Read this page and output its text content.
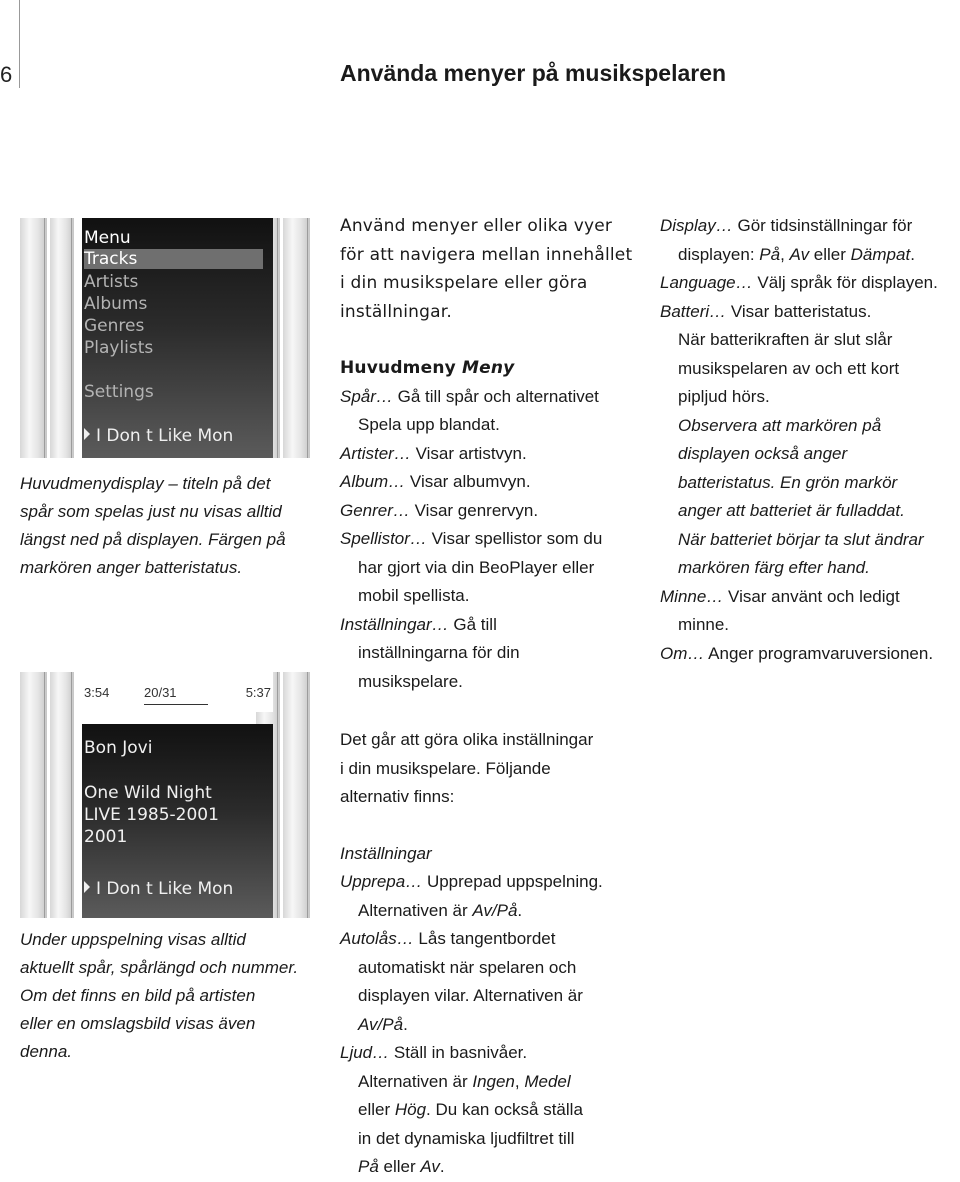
6	Använda menyer på musikspelaren
Menu
Tracks
Artists
Albums
Genres
Playlists
Settings
I Don t Like Mon
Huvudmenydisplay – titeln på det
spår som spelas just nu visas alltid
längst ned på displayen. Färgen på
markören anger batteristatus.
3:54	20/31	5:37
Bon Jovi
One Wild Night
LIVE 1985-2001
2001
I Don t Like Mon
Under uppspelning visas alltid
aktuellt spår, spårlängd och nummer.
Om det finns en bild på artisten
eller en omslagsbild visas även
denna.

Använd menyer eller olika vyer

för att navigera mellan innehållet

i din musikspelare eller göra

inställningar.

Huvudmeny Meny

Spår… Gå till spår och alternativet

Spela upp blandat.

Artister… Visar artistvyn.

Album… Visar albumvyn.

Genrer… Visar genrervyn.

Spellistor… Visar spellistor som du

har gjort via din BeoPlayer eller

mobil spellista.

Inställningar… Gå till

inställningarna för din

musikspelare.

Det går att göra olika inställningar

i din musikspelare. Följande

alternativ finns:

Inställningar

Upprepa… Upprepad uppspelning.

Alternativen är Av/På.

Autolås… Lås tangentbordet

automatiskt när spelaren och

displayen vilar. Alternativen är

Av/På.

Ljud… Ställ in basnivåer.

Alternativen är Ingen, Medel

eller Hög. Du kan också ställa

in det dynamiska ljudfiltret till

På eller Av.

Display… Gör tidsinställningar för

displayen: På, Av eller Dämpat.

Language… Välj språk för displayen.

Batteri… Visar batteristatus.

När batterikraften är slut slår

musikspelaren av och ett kort

pipljud hörs.

Observera att markören på

displayen också anger

batteristatus. En grön markör

anger att batteriet är fulladdat.

När batteriet börjar ta slut ändrar

markören färg efter hand.

Minne… Visar använt och ledigt

minne.

Om… Anger programvaruversionen.
